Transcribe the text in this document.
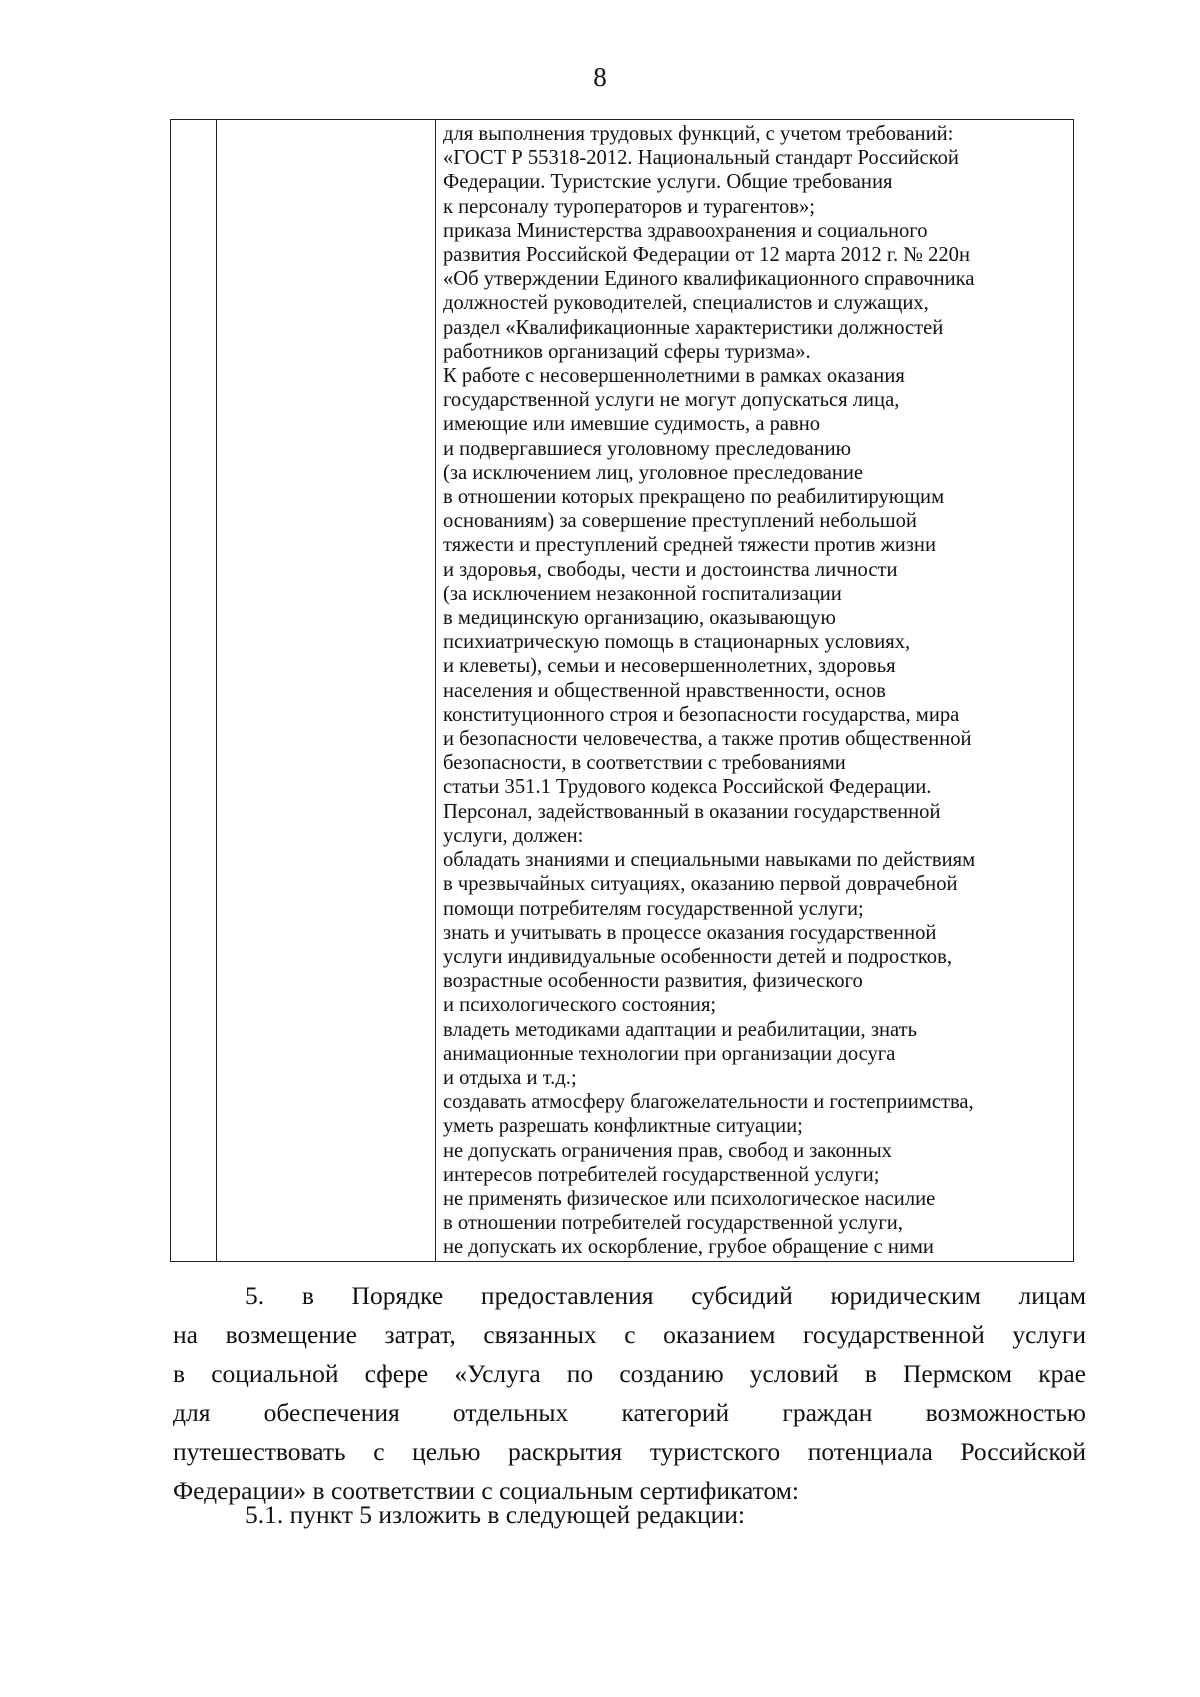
8

для выполнения трудовых функций, с учетом требований:
«ГОСТ Р 55318-2012. Национальный стандарт Российской
Федерации. Туристские услуги. Общие требования
к персоналу туроператоров и турагентов»;
приказа Министерства здравоохранения и социального
развития Российской Федерации от 12 марта 2012 г. № 220н
«Об утверждении Единого квалификационного справочника
должностей руководителей, специалистов и служащих,
раздел «Квалификационные характеристики должностей
работников организаций сферы туризма».
К работе с несовершеннолетними в рамках оказания
государственной услуги не могут допускаться лица,
имеющие или имевшие судимость, а равно
и подвергавшиеся уголовному преследованию
(за исключением лиц, уголовное преследование
в отношении которых прекращено по реабилитирующим
основаниям) за совершение преступлений небольшой
тяжести и преступлений средней тяжести против жизни
и здоровья, свободы, чести и достоинства личности
(за исключением незаконной госпитализации
в медицинскую организацию, оказывающую
психиатрическую помощь в стационарных условиях,
и клеветы), семьи и несовершеннолетних, здоровья
населения и общественной нравственности, основ
конституционного строя и безопасности государства, мира
и безопасности человечества, а также против общественной
безопасности, в соответствии с требованиями
статьи 351.1 Трудового кодекса Российской Федерации.
Персонал, задействованный в оказании государственной
услуги, должен:
обладать знаниями и специальными навыками по действиям
в чрезвычайных ситуациях, оказанию первой доврачебной
помощи потребителям государственной услуги;
знать и учитывать в процессе оказания государственной
услуги индивидуальные особенности детей и подростков,
возрастные особенности развития, физического
и психологического состояния;
владеть методиками адаптации и реабилитации, знать
анимационные технологии при организации досуга
и отдыха и т.д.;
создавать атмосферу благожелательности и гостеприимства,
уметь разрешать конфликтные ситуации;
не допускать ограничения прав, свобод и законных
интересов потребителей государственной услуги;
не применять физическое или психологическое насилие
в отношении потребителей государственной услуги,
не допускать их оскорбление, грубое обращение с ними
5. в Порядке предоставления субсидий юридическим лицам
на возмещение затрат, связанных с оказанием государственной услуги
в социальной сфере «Услуга по созданию условий в Пермском крае
для обеспечения отдельных категорий граждан возможностью
путешествовать с целью раскрытия туристского потенциала Российской
Федерации» в соответствии с социальным сертификатом:
5.1. пункт 5 изложить в следующей редакции:
